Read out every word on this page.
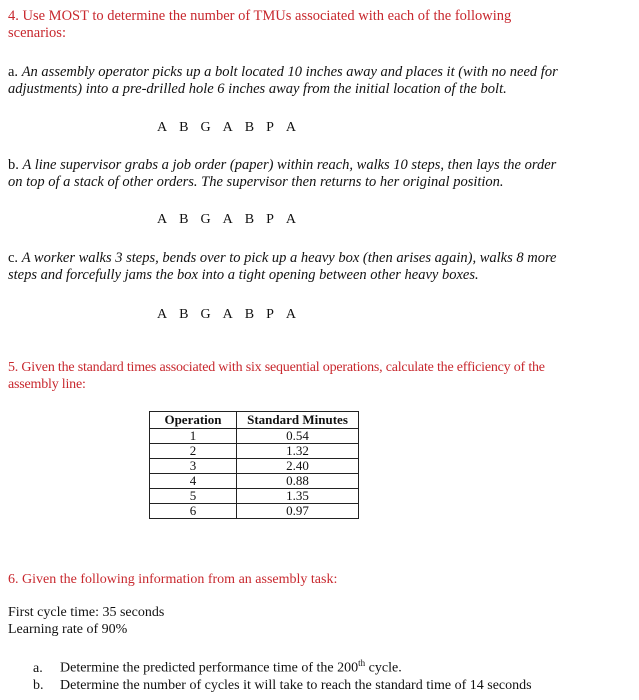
4. Use MOST to determine the number of TMUs associated with each of the following
scenarios:
a. An assembly operator picks up a bolt located 10 inches away and places it (with no need for
adjustments) into a pre-drilled hole 6 inches away from the initial location of the bolt.
A B G A B P A
b. A line supervisor grabs a job order (paper) within reach, walks 10 steps, then lays the order
on top of a stack of other orders. The supervisor then returns to her original position.
A B G A B P A
c. A worker walks 3 steps, bends over to pick up a heavy box (then arises again), walks 8 more
steps and forcefully jams the box into a tight opening between other heavy boxes.
A B G A B P A
5. Given the standard times associated with six sequential operations, calculate the efficiency of the
assembly line:
Operation	Standard Minutes
1	0.54
2	1.32
3	2.40
4	0.88
5	1.35
6	0.97
6. Given the following information from an assembly task:
First cycle time: 35 seconds
Learning rate of 90%
a. Determine the predicted performance time of the 200th cycle.
b. Determine the number of cycles it will take to reach the standard time of 14 seconds
